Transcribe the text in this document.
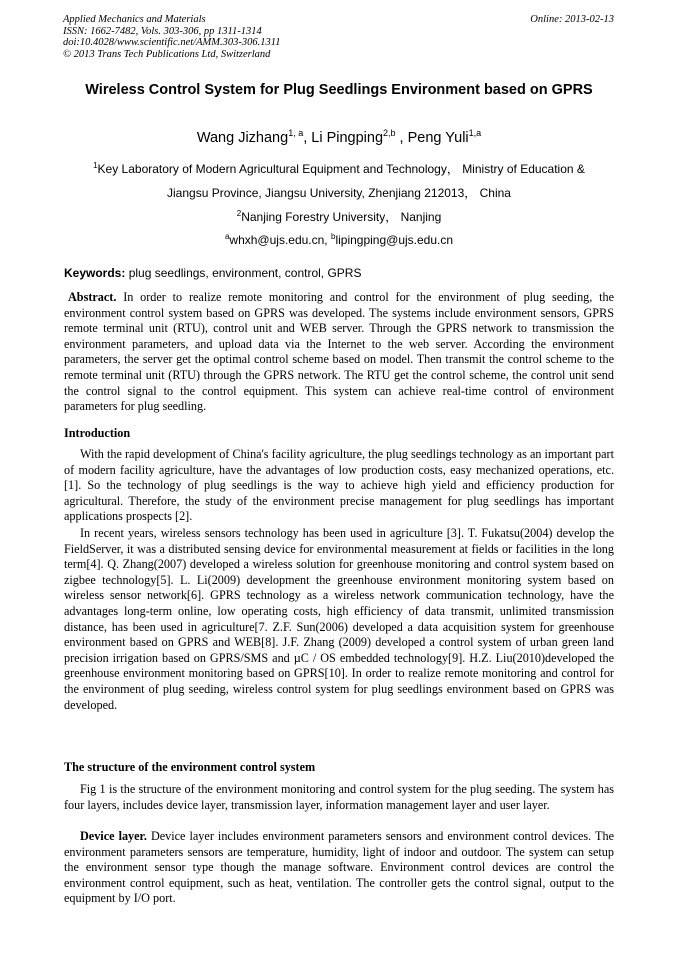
Applied Mechanics and Materials
ISSN: 1662-7482, Vols. 303-306, pp 1311-1314
doi:10.4028/www.scientific.net/AMM.303-306.1311
© 2013 Trans Tech Publications Ltd, Switzerland
Online: 2013-02-13
Wireless Control System for Plug Seedlings Environment based on GPRS
Wang Jizhang$^{1, a}$, Li Pingping$^{2,b}$ , Peng Yuli$^{1,a}$
$^1$Key Laboratory of Modern Agricultural Equipment and Technology， Ministry of Education &
Jiangsu Province, Jiangsu University, Zhenjiang 212013， China
$^2$Nanjing Forestry University， Nanjing
$^a$whxh@ujs.edu.cn, $^b$lipingping@ujs.edu.cn
Keywords: plug seedlings, environment, control, GPRS
Abstract. In order to realize remote monitoring and control for the environment of plug seeding, the environment control system based on GPRS was developed. The systems include environment sensors, GPRS remote terminal unit (RTU), control unit and WEB server. Through the GPRS network to transmission the environment parameters, and upload data via the Internet to the web server. According the environment parameters, the server get the optimal control scheme based on model. Then transmit the control scheme to the remote terminal unit (RTU) through the GPRS network. The RTU get the control scheme, the control unit send the control signal to the control equipment. This system can achieve real-time control of environment parameters for plug seedling.
Introduction
With the rapid development of China's facility agriculture, the plug seedlings technology as an important part of modern facility agriculture, have the advantages of low production costs, easy mechanized operations, etc. [1]. So the technology of plug seedlings is the way to achieve high yield and efficiency production for agricultural. Therefore, the study of the environment precise management for plug seedlings has important applications prospects [2].
In recent years, wireless sensors technology has been used in agriculture [3]. T. Fukatsu(2004) develop the FieldServer, it was a distributed sensing device for environmental measurement at fields or facilities in the long term[4]. Q. Zhang(2007) developed a wireless solution for greenhouse monitoring and control system based on zigbee technology[5]. L. Li(2009) development the greenhouse environment monitoring system based on wireless sensor network[6]. GPRS technology as a wireless network communication technology, have the advantages long-term online, low operating costs, high efficiency of data transmit, unlimited transmission distance, has been used in agriculture[7. Z.F. Sun(2006) developed a data acquisition system for greenhouse environment based on GPRS and WEB[8]. J.F. Zhang (2009) developed a control system of urban green land precision irrigation based on GPRS/SMS and µC / OS embedded technology[9]. H.Z. Liu(2010)developed the greenhouse environment monitoring based on GPRS[10]. In order to realize remote monitoring and control for the environment of plug seeding, wireless control system for plug seedlings environment based on GPRS was developed.
The structure of the environment control system
Fig 1 is the structure of the environment monitoring and control system for the plug seeding. The system has four layers, includes device layer, transmission layer, information management layer and user layer.
Device layer. Device layer includes environment parameters sensors and environment control devices. The environment parameters sensors are temperature, humidity, light of indoor and outdoor. The system can setup the environment sensor type though the manage software. Environment control devices are control the environment control equipment, such as heat, ventilation. The controller gets the control signal, output to the equipment by I/O port.
